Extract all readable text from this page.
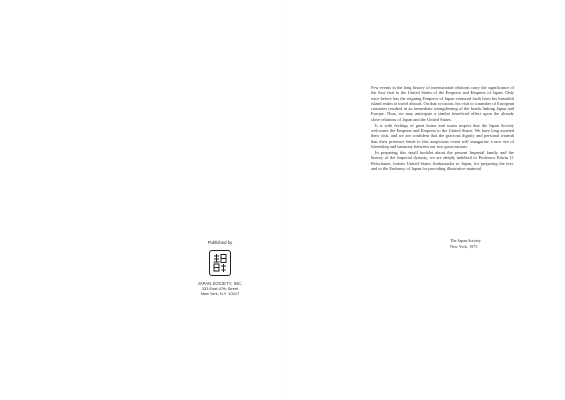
Published by
JAPAN SOCIETY, INC.
333 East 47th Street
New York, N.Y. 10017

Few events in the long history of international relations carry the significance of the first visit to the United States of the Emperor and Empress of Japan. Only once before has the reigning Emperor of Japan ventured forth from his beautiful island realm to travel abroad. On that occasion, his visit to a number of European countries resulted in an immediate strengthening of the bonds linking Japan and Europe. Thus, we may anticipate a similar beneficial effect upon the already close relations of Japan and the United States.

It is with feelings of great honor and warm respect that the Japan Society welcomes the Emperor and Empress to the United States. We have long awaited their visit, and we are confident that the gracious dignity and personal warmth that their presence lends to this auspicious event will inaugurate a new era of friendship and harmony between our two great nations.

In preparing this small booklet about the present Imperial family and the history of the Imperial dynasty, we are deeply indebted to Professor Edwin O. Reischauer, former United States Ambassador to Japan, for preparing the text, and to the Embassy of Japan for providing illustrative material.

The Japan Society
New York, 1975
